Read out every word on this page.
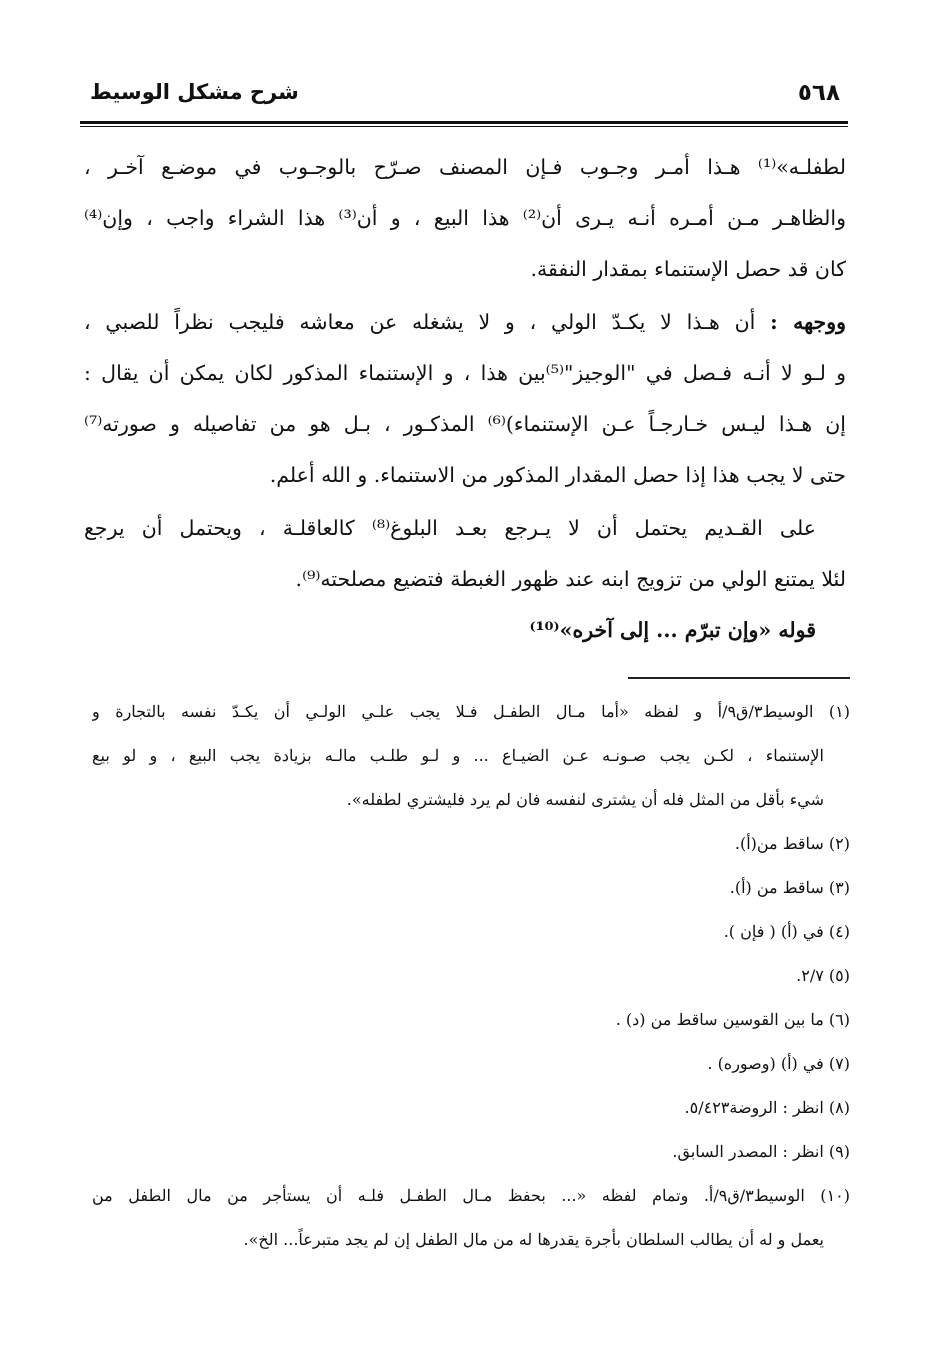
٥٦٨
شرح مشكل الوسيط
لطفلـه»⁽¹⁾ هـذا أمـر وجـوب فـإن المصنف صـرّح بالوجـوب في موضـع آخـر ،
والظاهـر مـن أمـره أنـه يـرى أن⁽²⁾ هذا البيع ، و أن⁽³⁾ هذا الشراء واجب ، وإن⁽⁴⁾
كان قد حصل الإستنماء بمقدار النفقة.
ووجهه : أن هـذا لا يكـدّ الولي ، و لا يشغله عن معاشه فليجب نظراً للصبي ،
و لـو لا أنـه فـصل في "الوجيز"⁽⁵⁾بين هذا ، و الإستنماء المذكور لكان يمكن أن يقال :
إن هـذا ليـس خـارجـاً عـن الإستنماء)⁽⁶⁾ المذكـور ، بـل هو من تفاصيله و صورته⁽⁷⁾
حتى لا يجب هذا إذا حصل المقدار المذكور من الاستنماء. و الله أعلم.
على القـديم يحتمل أن لا يـرجع بعـد البلوغ⁽⁸⁾ كالعاقلـة ، ويحتمل أن يرجع
لئلا يمتنع الولي من تزويج ابنه عند ظهور الغبطة فتضيع مصلحته⁽⁹⁾.
قوله «وإن تبرّم ... إلى آخره»⁽¹⁰⁾
(١) الوسيط٣/ق٩/أ و لفظه «أما مـال الطفـل فـلا يجب علـي الولـي أن يكـدّ نفسه بالتجارة و
الإستنماء ، لكـن يجب صـونـه عـن الضيـاع ... و لـو طلـب مالـه بزيادة يجب البيع ، و لو بيع
شيء بأقل من المثل فله أن يشترى لنفسه فان لم يرد فليشتري لطفله».
(٢) ساقط من(أ).
(٣) ساقط من (أ).
(٤) في (أ) ( فإن ).
(٥) ٢/٧.
(٦) ما بين القوسين ساقط من (د) .
(٧) في (أ) (وصوره) .
(٨) انظر : الروضة٥/٤٢٣.
(٩) انظر : المصدر السابق.
(١٠) الوسيط٣/ق٩/أ. وتمام لفظه «... بحفظ مـال الطفـل فلـه أن يستأجر من مال الطفل من
يعمل و له أن يطالب السلطان بأجرة يقدرها له من مال الطفل إن لم يجد متبرعاً... الخ».
